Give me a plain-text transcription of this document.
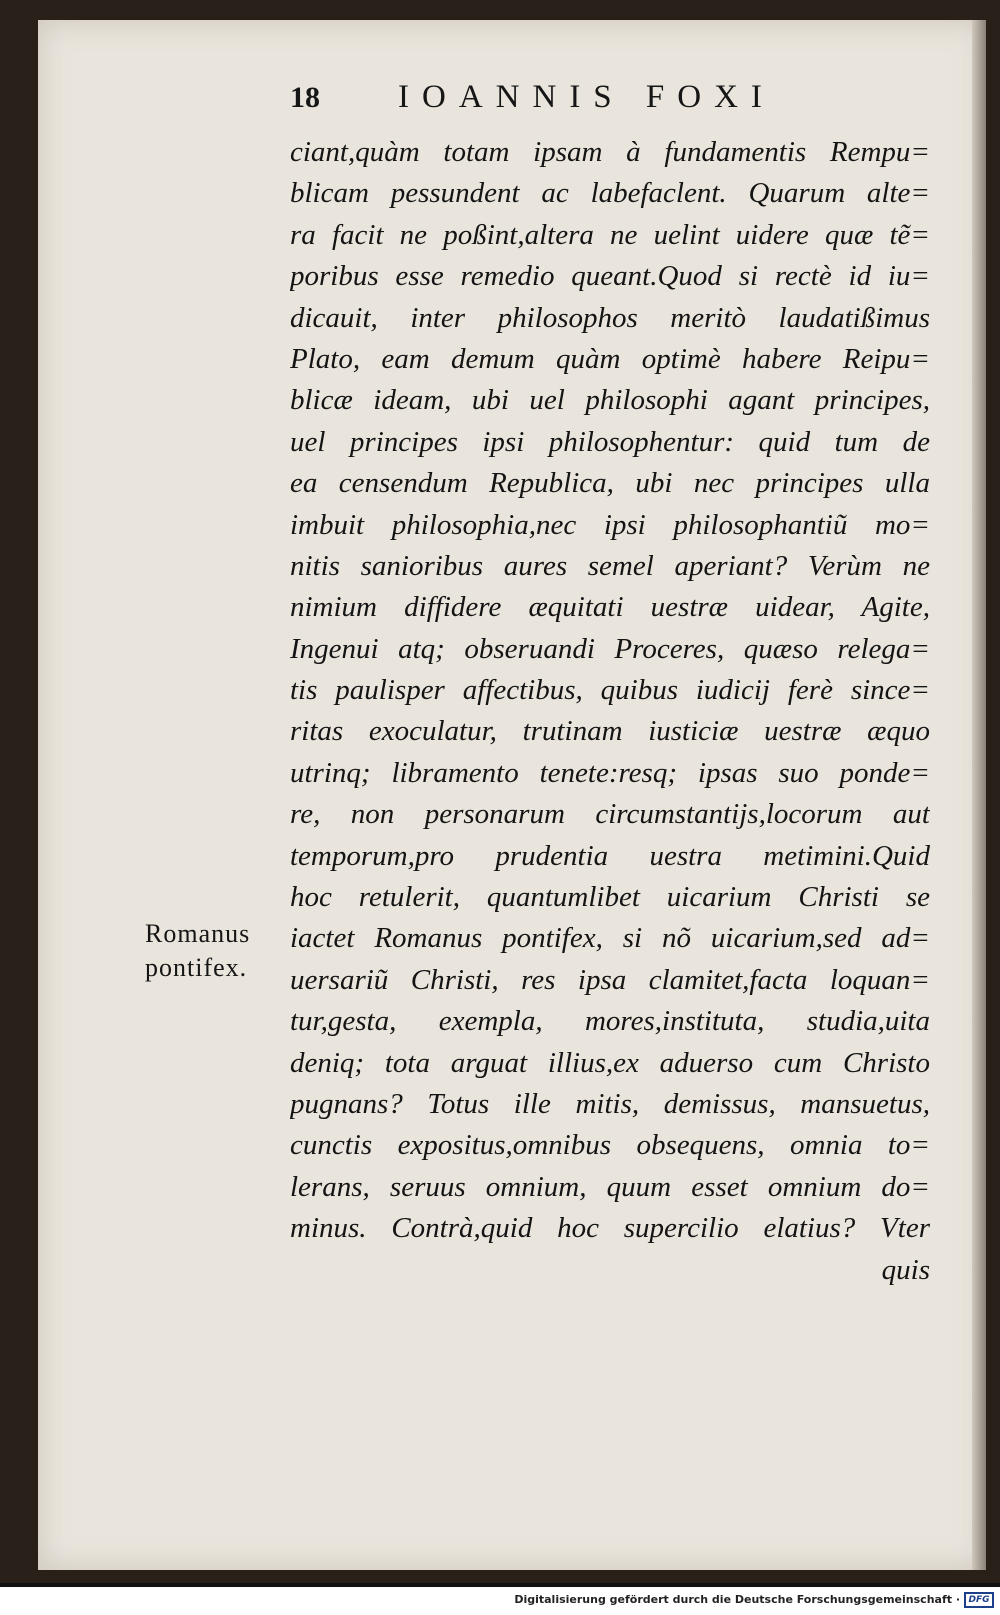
18 IOANNIS FOXI
Romanus
pontifex.
ciant,quàm totam ipsam à fundamentis Rempu=
blicam pessundent ac labefaclent. Quarum alte=
ra facit ne poßint,altera ne uelint uidere quæ tẽ=
poribus esse remedio queant.Quod si rectè id iu=
dicauit, inter philosophos meritò laudatißimus
Plato, eam demum quàm optimè habere Reipu=
blicæ ideam, ubi uel philosophi agant principes,
uel principes ipsi philosophentur: quid tum de
ea censendum Republica, ubi nec principes ulla
imbuit philosophia,nec ipsi philosophantiũ mo=
nitis sanioribus aures semel aperiant? Verùm ne
nimium diffidere æquitati uestræ uidear, Agite,
Ingenui atq; obseruandi Proceres, quæso relega=
tis paulisper affectibus, quibus iudicij ferè since=
ritas exoculatur, trutinam iusticiæ uestræ æquo
utrinq; libramento tenete:resq; ipsas suo ponde=
re, non personarum circumstantijs,locorum aut
temporum,pro prudentia uestra metimini.Quid
hoc retulerit, quantumlibet uicarium Christi se
iactet Romanus pontifex, si nõ uicarium,sed ad=
uersariũ Christi, res ipsa clamitet,facta loquan=
tur,gesta, exempla, mores,instituta, studia,uita
deniq; tota arguat illius,ex aduerso cum Christo
pugnans? Totus ille mitis, demissus, mansuetus,
cunctis expositus,omnibus obsequens, omnia to=
lerans, seruus omnium, quum esset omnium do=
minus. Contrà,quid hoc supercilio elatius? Vter
quis
Digitalisierung gefördert durch die Deutsche Forschungsgemeinschaft · DFG
